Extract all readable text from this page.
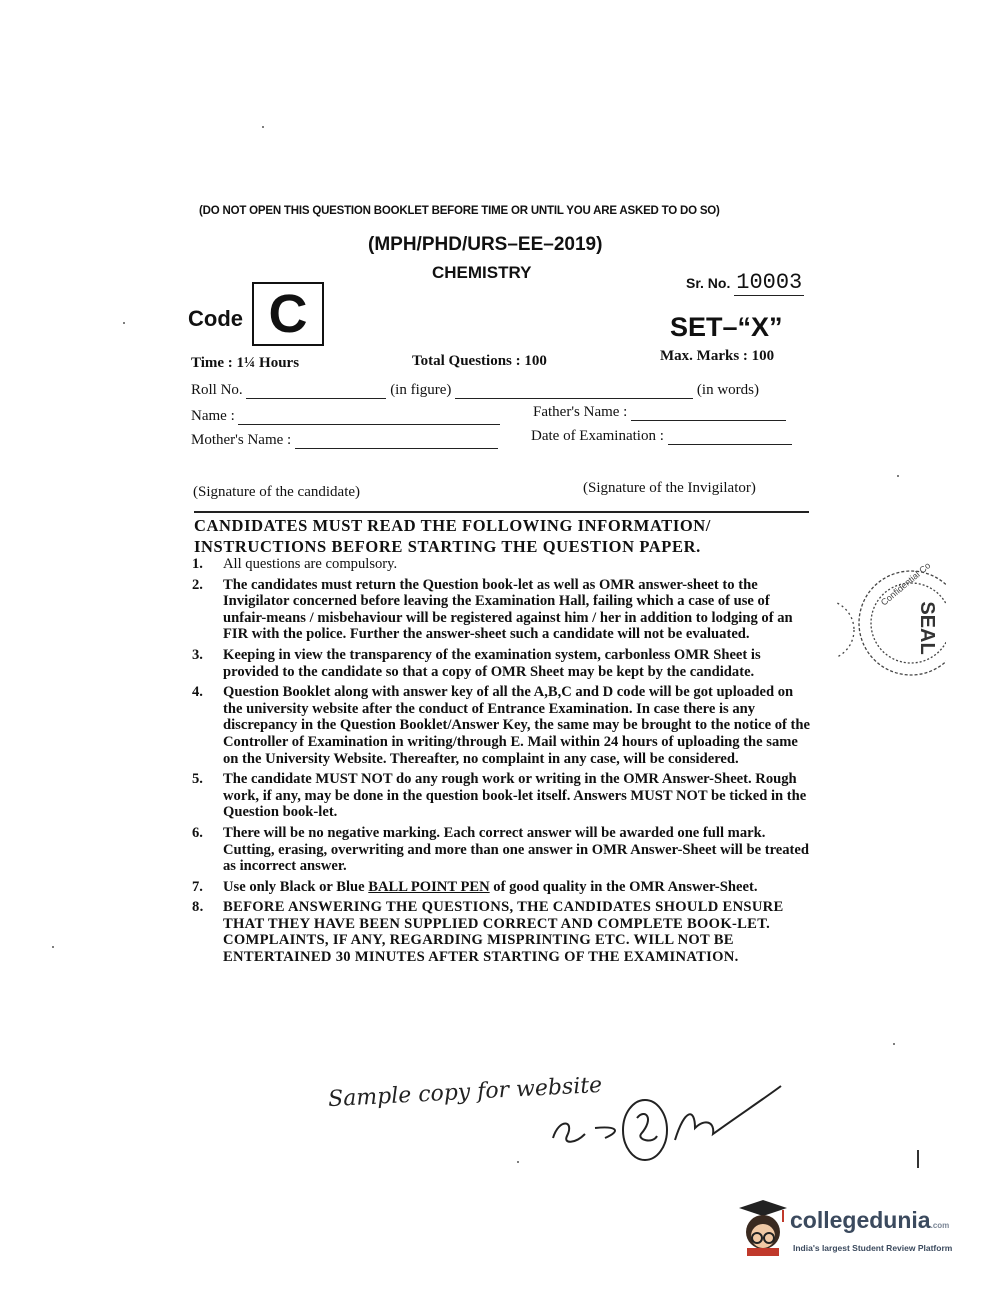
(DO NOT OPEN THIS QUESTION BOOKLET BEFORE TIME OR UNTIL YOU ARE ASKED TO DO SO)
(MPH/PHD/URS–EE–2019)
CHEMISTRY
Sr. No. 10003
Code C	SET–“X”
Time : 1¼ Hours	Total Questions : 100	Max. Marks : 100
Roll No.	(in figure)	(in words)
Name :	Father's Name :
Mother's Name :	Date of Examination :
(Signature of the candidate)	(Signature of the Invigilator)
CANDIDATES MUST READ THE FOLLOWING INFORMATION/ INSTRUCTIONS BEFORE STARTING THE QUESTION PAPER.
1. All questions are compulsory.
2. The candidates must return the Question book-let as well as OMR answer-sheet to the Invigilator concerned before leaving the Examination Hall, failing which a case of use of unfair-means / misbehaviour will be registered against him / her in addition to lodging of an FIR with the police. Further the answer-sheet such a candidate will not be evaluated.
3. Keeping in view the transparency of the examination system, carbonless OMR Sheet is provided to the candidate so that a copy of OMR Sheet may be kept by the candidate.
4. Question Booklet along with answer key of all the A,B,C and D code will be got uploaded on the university website after the conduct of Entrance Examination. In case there is any discrepancy in the Question Booklet/Answer Key, the same may be brought to the notice of the Controller of Examination in writing/through E. Mail within 24 hours of uploading the same on the University Website. Thereafter, no complaint in any case, will be considered.
5. The candidate MUST NOT do any rough work or writing in the OMR Answer-Sheet. Rough work, if any, may be done in the question book-let itself. Answers MUST NOT be ticked in the Question book-let.
6. There will be no negative marking. Each correct answer will be awarded one full mark. Cutting, erasing, overwriting and more than one answer in OMR Answer-Sheet will be treated as incorrect answer.
7. Use only Black or Blue BALL POINT PEN of good quality in the OMR Answer-Sheet.
8. BEFORE ANSWERING THE QUESTIONS, THE CANDIDATES SHOULD ENSURE THAT THEY HAVE BEEN SUPPLIED CORRECT AND COMPLETE BOOK-LET. COMPLAINTS, IF ANY, REGARDING MISPRINTING ETC. WILL NOT BE ENTERTAINED 30 MINUTES AFTER STARTING OF THE EXAMINATION.
Sample copy for website
SEAL
Confidential Co
collegedunia.com
India's largest Student Review Platform
